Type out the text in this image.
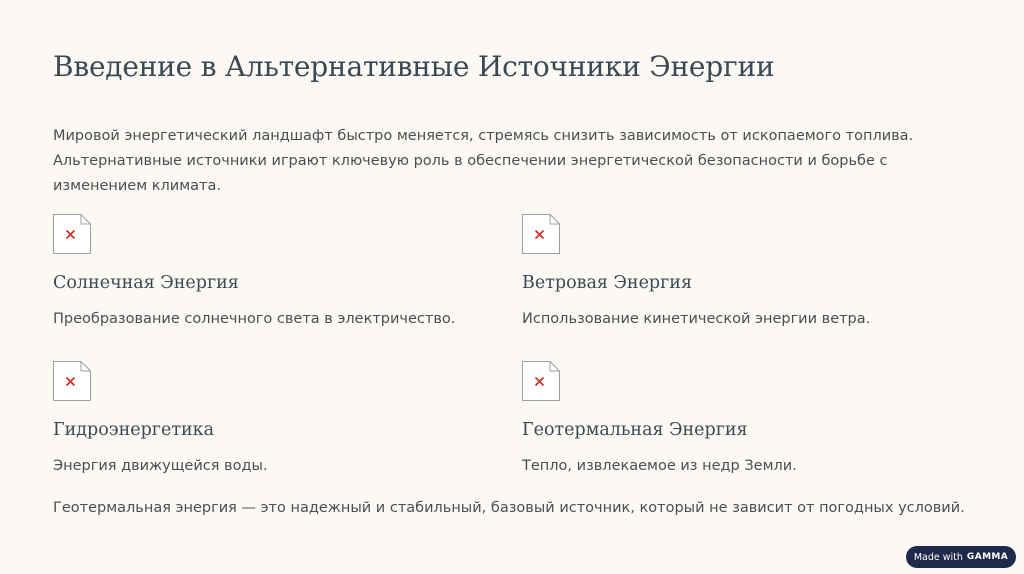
Введение в Альтернативные Источники Энергии

Мировой энергетический ландшафт быстро меняется, стремясь снизить зависимость от ископаемого топлива. Альтернативные источники играют ключевую роль в обеспечении энергетической безопасности и борьбе с изменением климата.

Солнечная Энергия

Преобразование солнечного света в электричество.

Ветровая Энергия

Использование кинетической энергии ветра.

Гидроэнергетика

Энергия движущейся воды.

Геотермальная Энергия

Тепло, извлекаемое из недр Земли.

Геотермальная энергия — это надежный и стабильный, базовый источник, который не зависит от погодных условий.

Made with GAMMA
